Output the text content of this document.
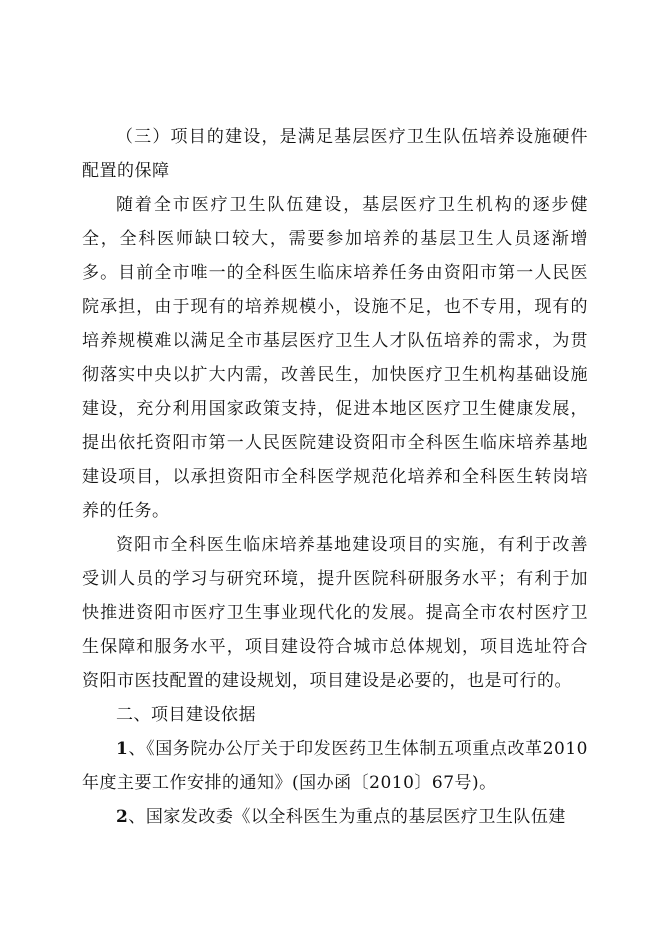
（三）项目的建设，是满足基层医疗卫生队伍培养设施硬件配置的保障

随着全市医疗卫生队伍建设，基层医疗卫生机构的逐步健全，全科医师缺口较大，需要参加培养的基层卫生人员逐渐增多。目前全市唯一的全科医生临床培养任务由资阳市第一人民医院承担，由于现有的培养规模小，设施不足，也不专用，现有的培养规模难以满足全市基层医疗卫生人才队伍培养的需求，为贯彻落实中央以扩大内需，改善民生，加快医疗卫生机构基础设施建设，充分利用国家政策支持，促进本地区医疗卫生健康发展，提出依托资阳市第一人民医院建设资阳市全科医生临床培养基地建设项目，以承担资阳市全科医学规范化培养和全科医生转岗培养的任务。

资阳市全科医生临床培养基地建设项目的实施，有利于改善受训人员的学习与研究环境，提升医院科研服务水平；有利于加快推进资阳市医疗卫生事业现代化的发展。提高全市农村医疗卫生保障和服务水平，项目建设符合城市总体规划，项目选址符合资阳市医技配置的建设规划，项目建设是必要的，也是可行的。

二、项目建设依据

1、《国务院办公厅关于印发医药卫生体制五项重点改革2010年度主要工作安排的通知》(国办函〔2010〕67号)。

2、国家发改委《以全科医生为重点的基层医疗卫生队伍建
